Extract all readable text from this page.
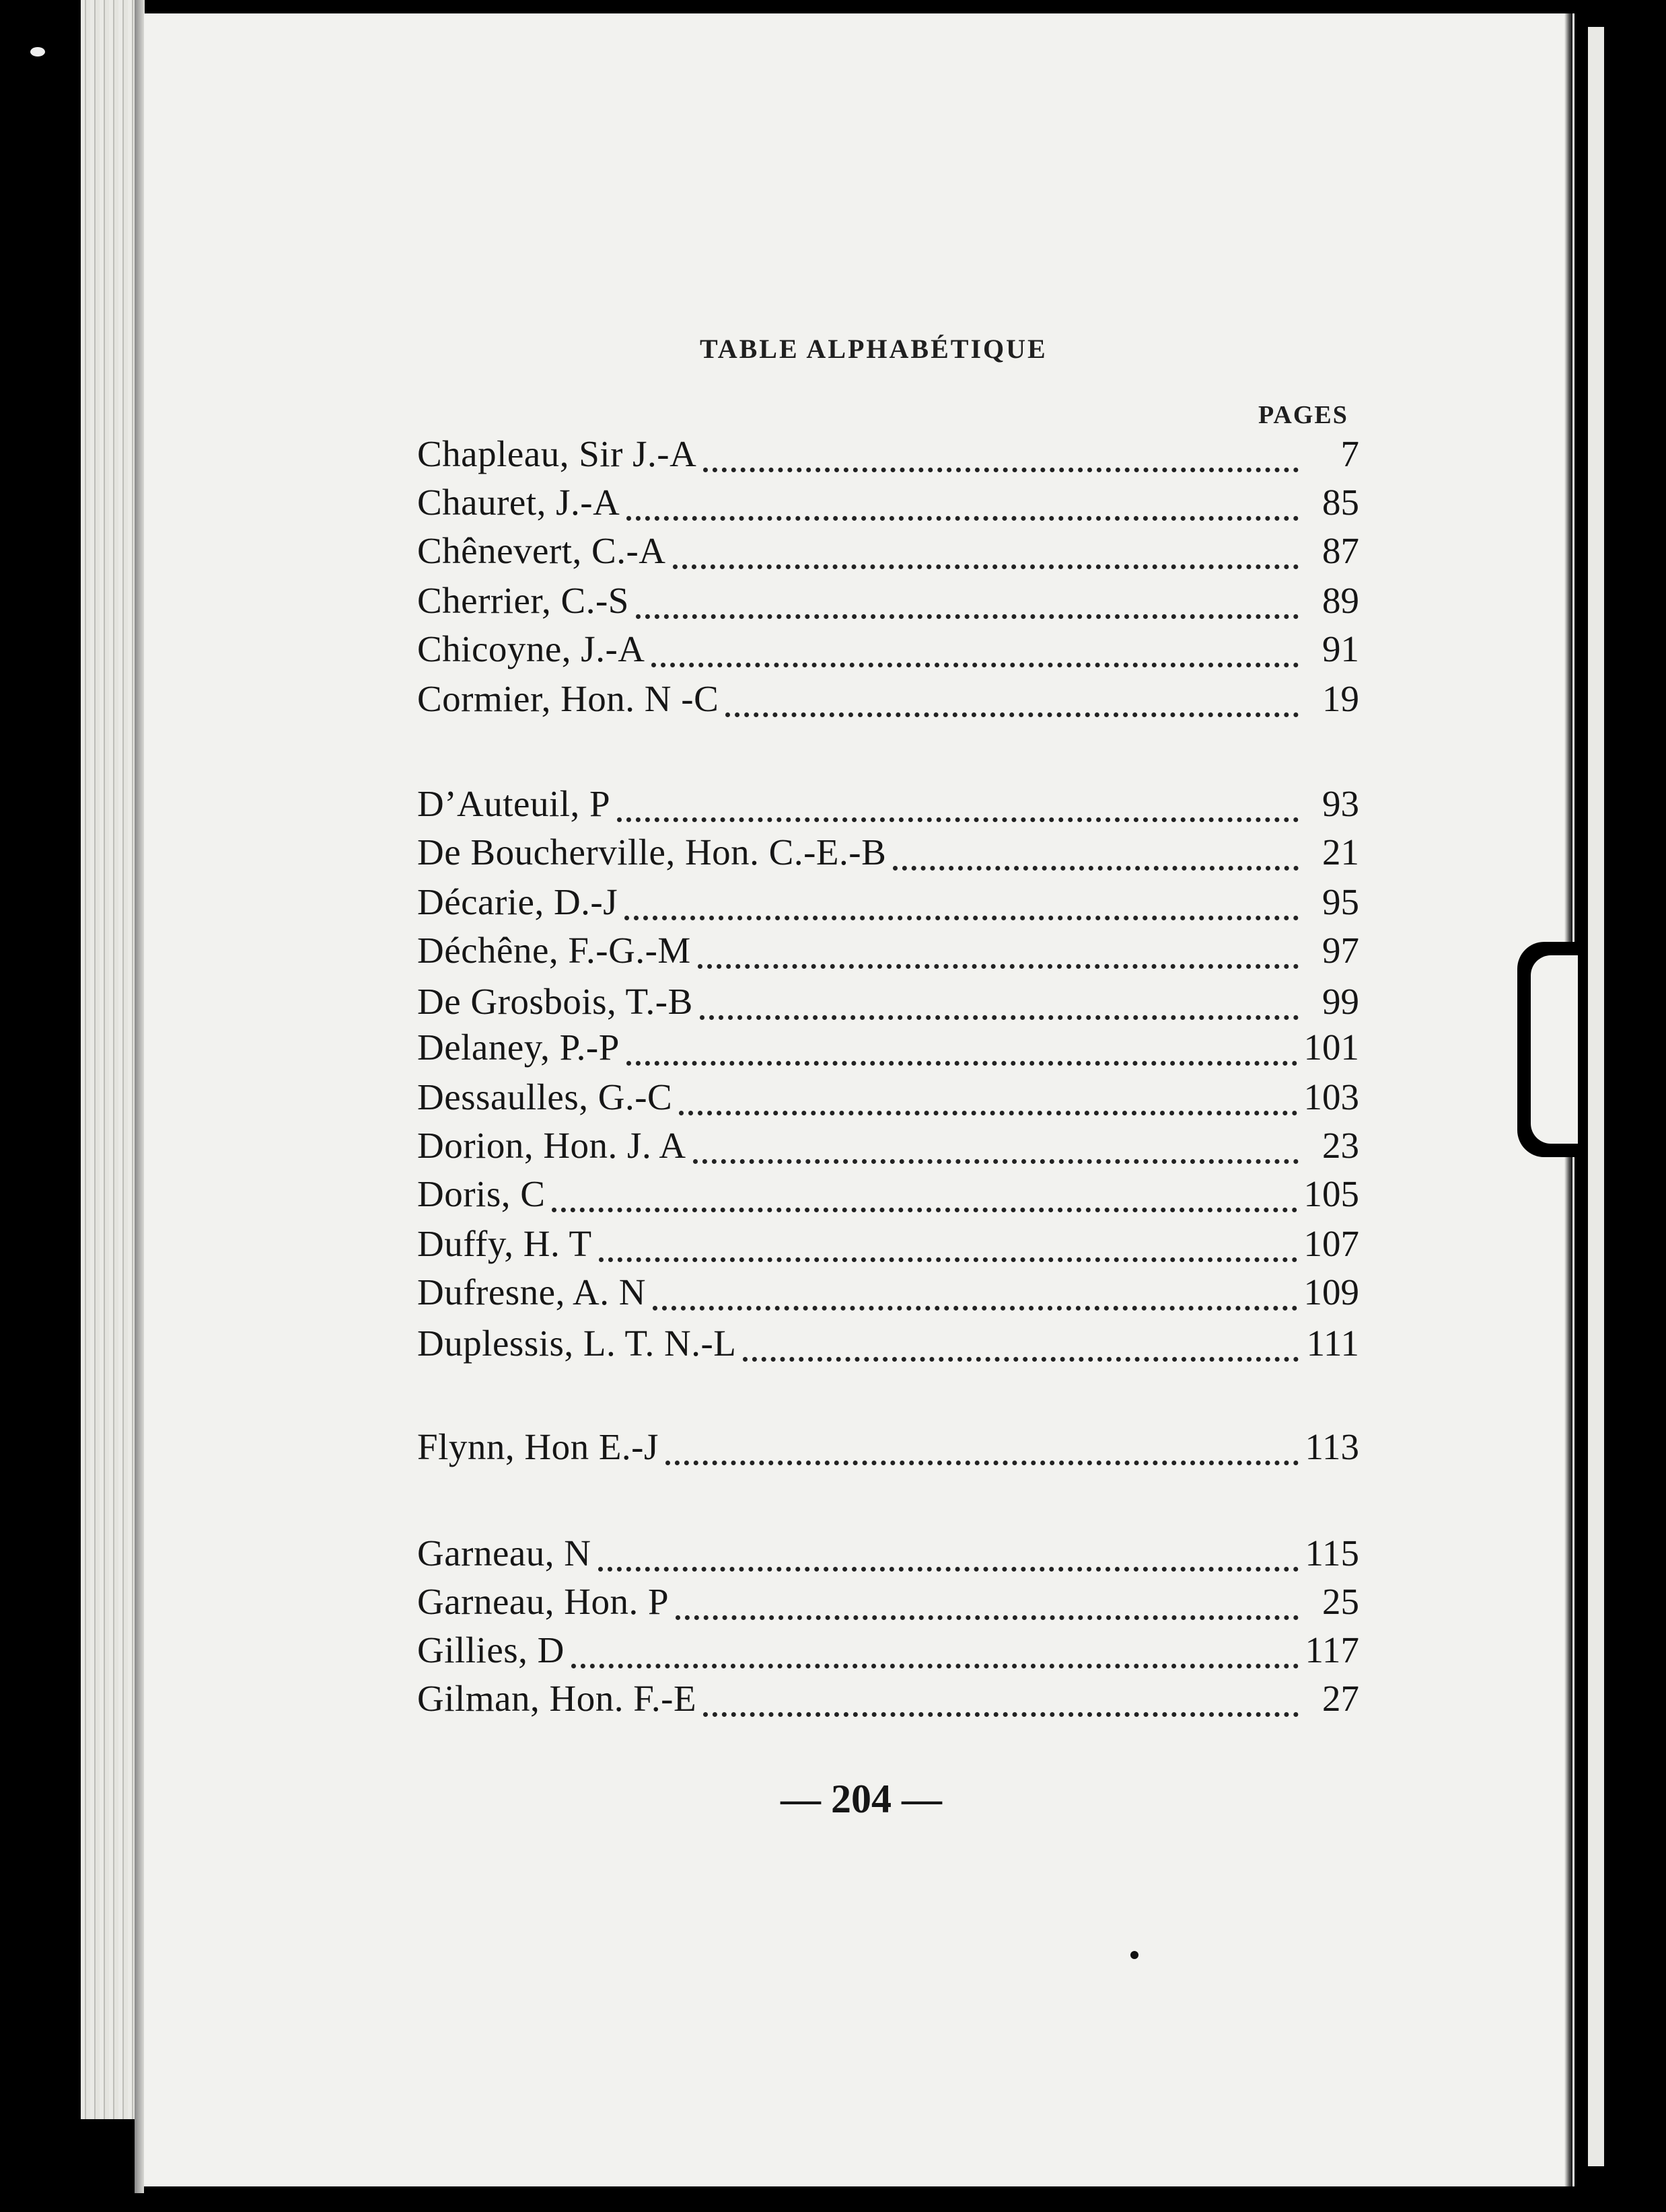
TABLE ALPHABÉTIQUE
PAGES
Chapleau, Sir J.-A	7
Chauret, J.-A	85
Chênevert, C.-A	87
Cherrier, C.-S	89
Chicoyne, J.-A	91
Cormier, Hon. N -C	19
D’Auteuil, P	93
De Boucherville, Hon. C.-E.-B	21
Décarie, D.-J	95
Déchêne, F.-G.-M	97
De Grosbois, T.-B	99
Delaney, P.-P	101
Dessaulles, G.-C	103
Dorion, Hon. J. A	23
Doris, C	105
Duffy, H. T	107
Dufresne, A. N	109
Duplessis, L. T. N.-L	111
Flynn, Hon E.-J	113
Garneau, N	115
Garneau, Hon. P	25
Gillies, D	117
Gilman, Hon. F.-E	27
— 204 —
